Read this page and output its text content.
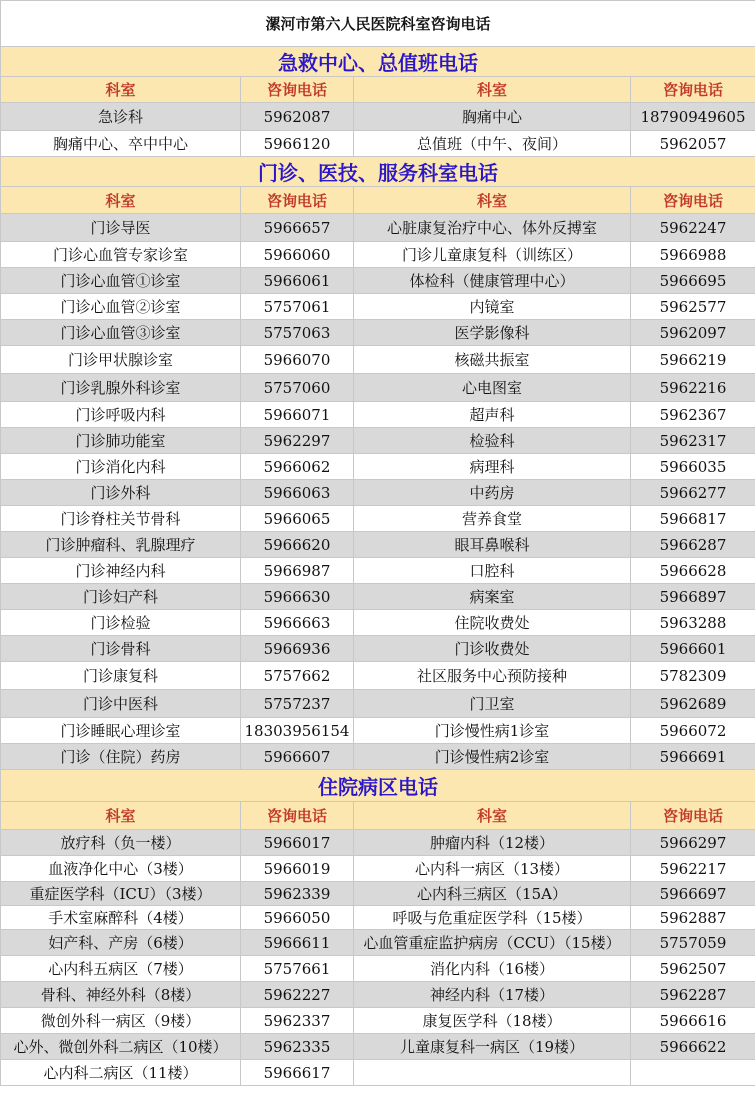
漯河市第六人民医院科室咨询电话			
急救中心、总值班电话			
科室	咨询电话	科室	咨询电话
急诊科	5962087	胸痛中心	18790949605
胸痛中心、卒中中心	5966120	总值班（中午、夜间）	5962057
门诊、医技、服务科室电话			
科室	咨询电话	科室	咨询电话
门诊导医	5966657	心脏康复治疗中心、体外反搏室	5962247
门诊心血管专家诊室	5966060	门诊儿童康复科（训练区）	5966988
门诊心血管①诊室	5966061	体检科（健康管理中心）	5966695
门诊心血管②诊室	5757061	内镜室	5962577
门诊心血管③诊室	5757063	医学影像科	5962097
门诊甲状腺诊室	5966070	核磁共振室	5966219
门诊乳腺外科诊室	5757060	心电图室	5962216
门诊呼吸内科	5966071	超声科	5962367
门诊肺功能室	5962297	检验科	5962317
门诊消化内科	5966062	病理科	5966035
门诊外科	5966063	中药房	5966277
门诊脊柱关节骨科	5966065	营养食堂	5966817
门诊肿瘤科、乳腺理疗	5966620	眼耳鼻喉科	5966287
门诊神经内科	5966987	口腔科	5966628
门诊妇产科	5966630	病案室	5966897
门诊检验	5966663	住院收费处	5963288
门诊骨科	5966936	门诊收费处	5966601
门诊康复科	5757662	社区服务中心预防接种	5782309
门诊中医科	5757237	门卫室	5962689
门诊睡眠心理诊室	18303956154	门诊慢性病1诊室	5966072
门诊（住院）药房	5966607	门诊慢性病2诊室	5966691
住院病区电话			
科室	咨询电话	科室	咨询电话
放疗科（负一楼）	5966017	肿瘤内科（12楼）	5966297
血液净化中心（3楼）	5966019	心内科一病区（13楼）	5962217
重症医学科（ICU）（3楼）	5962339	心内科三病区（15A）	5966697
手术室麻醉科（4楼）	5966050	呼吸与危重症医学科（15楼）	5962887
妇产科、产房（6楼）	5966611	心血管重症监护病房（CCU）（15楼）	5757059
心内科五病区（7楼）	5757661	消化内科（16楼）	5962507
骨科、神经外科（8楼）	5962227	神经内科（17楼）	5962287
微创外科一病区（9楼）	5962337	康复医学科（18楼）	5966616
心外、微创外科二病区（10楼）	5962335	儿童康复科一病区（19楼）	5966622
心内科二病区（11楼）	5966617		
